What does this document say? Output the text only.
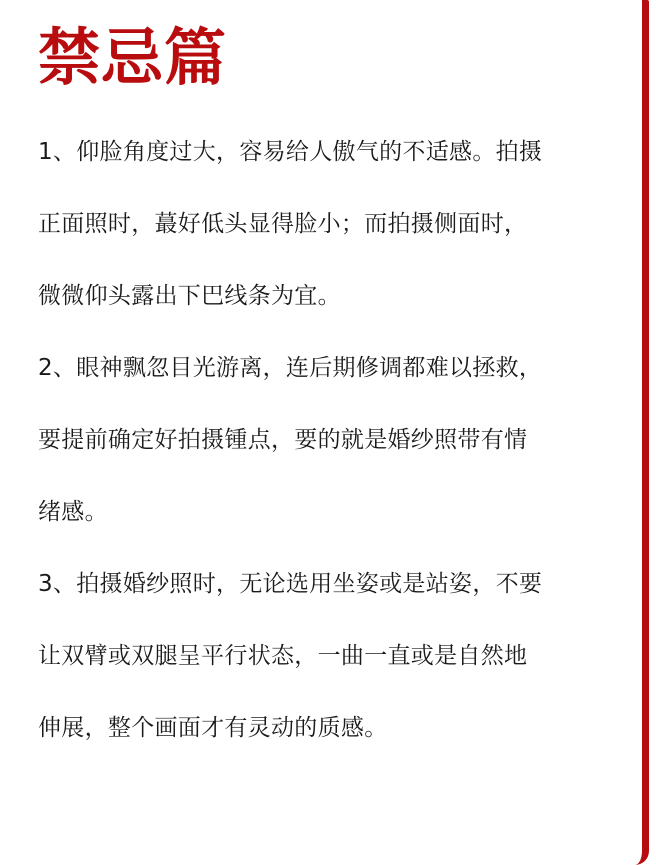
禁忌篇
1、仰脸角度过大，容易给人傲气的不适感。拍摄
正面照时，蕞好低头显得脸小；而拍摄侧面时，
微微仰头露出下巴线条为宜。
2、眼神飘忽目光游离，连后期修调都难以拯救，
要提前确定好拍摄锺点，要的就是婚纱照带有情
绪感。
3、拍摄婚纱照时，无论选用坐姿或是站姿，不要
让双臂或双腿呈平行状态，一曲一直或是自然地
伸展，整个画面才有灵动的质感。
